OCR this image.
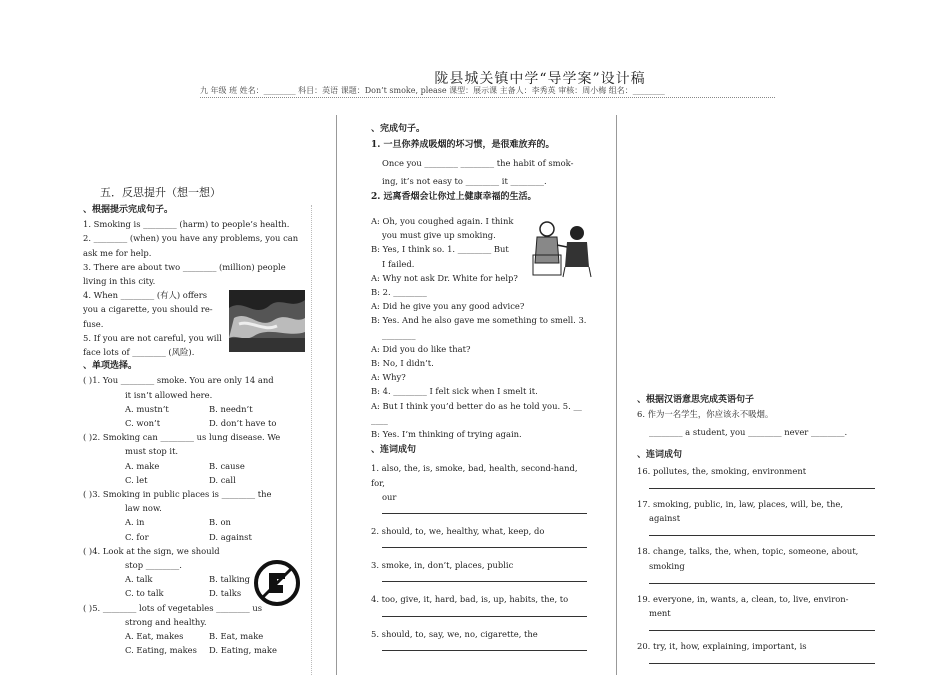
陇县城关镇中学“导学案”设计稿
九 年级 班 姓名：________ 科目：英语 课题：Don’t smoke, please 课型：展示课 主备人：李秀英 审核：周小梅 组名：________
五．反思提升（想一想）

、根据提示完成句子。

1. Smoking is ________ (harm) to people’s health.

2. ________ (when) you have any problems, you can

ask me for help.

3. There are about two ________ (million) people

living in this city.

4. When ________ (有人) offers

you a cigarette, you should re-

fuse.

5. If you are not careful, you will

face lots of ________ (风险).

、单项选择。

( )1. You ________ smoke. You are only 14 and

it isn’t allowed here.

A. mustn’t	B. needn’t
C. won’t	D. don’t have to

( )2. Smoking can ________ us lung disease. We

must stop it.

A. make	B. cause
C. let	D. call

( )3. Smoking in public places is ________ the

law now.

A. in	B. on
C. for	D. against

( )4. Look at the sign, we should

stop ________.

A. talk	B. talking
C. to talk	D. talks

( )5. ________ lots of vegetables ________ us

strong and healthy.

A. Eat, makes	B. Eat, make
C. Eating, makes D. Eating, make

、完成句子。

1. 一旦你养成吸烟的坏习惯，是很难放弃的。

Once you ________ ________ the habit of smok-

ing, it’s not easy to ________ it ________.

2. 远离香烟会让你过上健康幸福的生活。

A: Oh, you coughed again. I think

you must give up smoking.

B: Yes, I think so. 1. ________ But

I failed.

A: Why not ask Dr. White for help?

B: 2. ________

A: Did he give you any good advice?

B: Yes. And he also gave me something to smell. 3.

________

A: Did you do like that?

B: No, I didn’t.

A: Why?

B: 4. ________ I felt sick when I smelt it.

A: But I think you’d better do as he told you. 5. __

____

B: Yes. I’m thinking of trying again.

、连词成句

1. also, the, is, smoke, bad, health, second-hand, for,

our

2. should, to, we, healthy, what, keep, do

3. smoke, in, don’t, places, public

4. too, give, it, hard, bad, is, up, habits, the, to

5. should, to, say, we, no, cigarette, the

、根据汉语意思完成英语句子

6. 作为一名学生，你应该永不吸烟。

________ a student, you ________ never ________.

、连词成句

16. pollutes, the, smoking, environment

17. smoking, public, in, law, places, will, be, the,

against

18. change, talks, the, when, topic, someone, about,

smoking

19. everyone, in, wants, a, clean, to, live, environ-

ment

20. try, it, how, explaining, important, is
